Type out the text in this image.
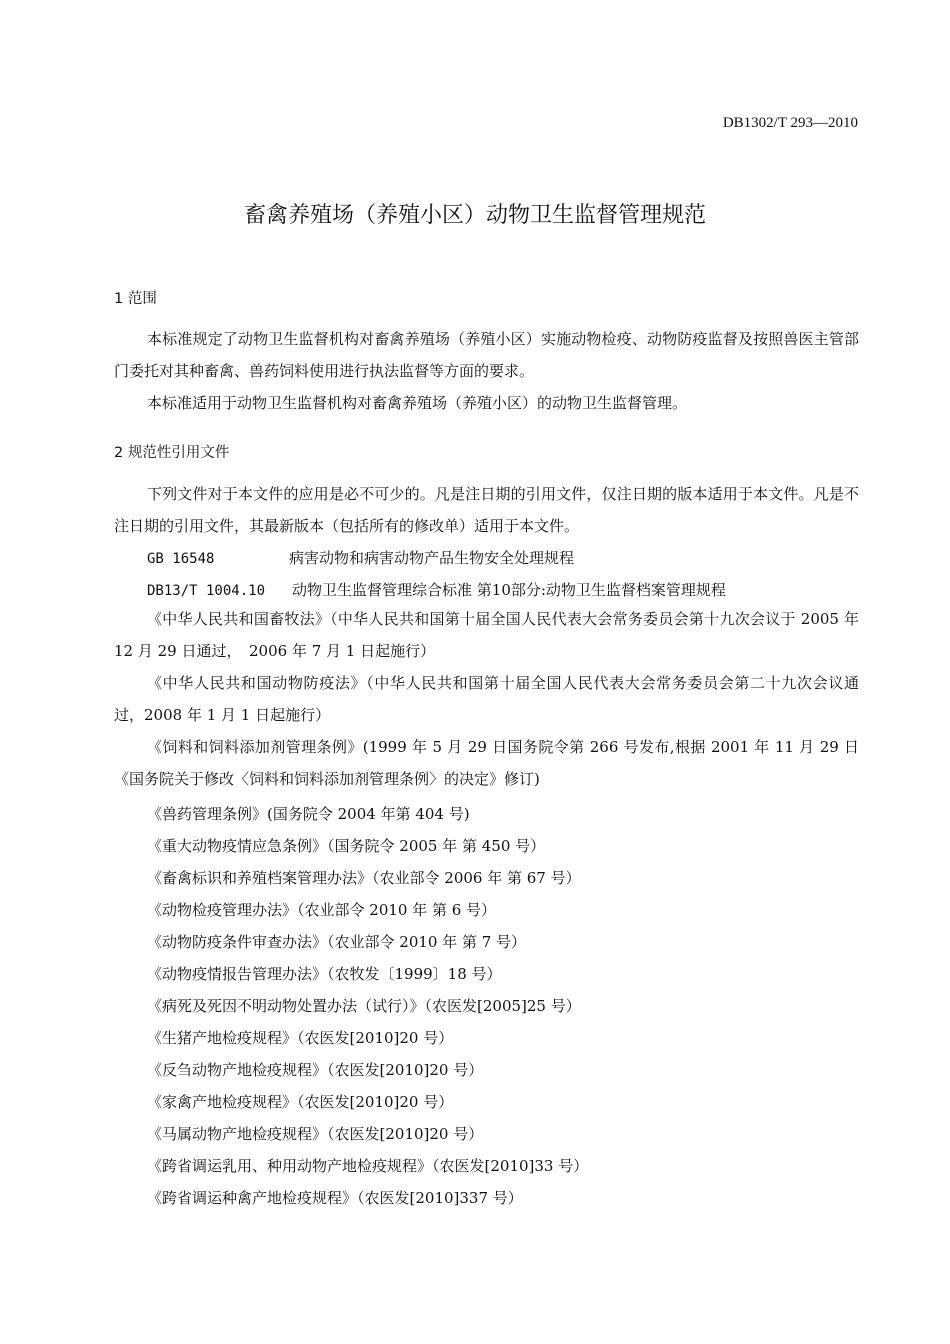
DB1302/T 293—2010
畜禽养殖场（养殖小区）动物卫生监督管理规范
1 范围
本标准规定了动物卫生监督机构对畜禽养殖场（养殖小区）实施动物检疫、动物防疫监督及按照兽医主管部门委托对其种畜禽、兽药饲料使用进行执法监督等方面的要求。
本标准适用于动物卫生监督机构对畜禽养殖场（养殖小区）的动物卫生监督管理。
2 规范性引用文件
下列文件对于本文件的应用是必不可少的。凡是注日期的引用文件，仅注日期的版本适用于本文件。凡是不注日期的引用文件，其最新版本（包括所有的修改单）适用于本文件。
GB 16548	病害动物和病害动物产品生物安全处理规程
DB13/T 1004.10 动物卫生监督管理综合标准 第10部分:动物卫生监督档案管理规程
《中华人民共和国畜牧法》（中华人民共和国第十届全国人民代表大会常务委员会第十九次会议于 2005 年 12 月 29 日通过，　2006 年 7 月 1 日起施行）
《中华人民共和国动物防疫法》（中华人民共和国第十届全国人民代表大会常务委员会第二十九次会议通过，2008 年 1 月 1 日起施行）
《饲料和饲料添加剂管理条例》(1999 年 5 月 29 日国务院令第 266 号发布,根据 2001 年 11 月 29 日《国务院关于修改〈饲料和饲料添加剂管理条例〉的决定》修订)
《兽药管理条例》(国务院令 2004 年第 404 号)
《重大动物疫情应急条例》（国务院令 2005 年 第 450 号）
《畜禽标识和养殖档案管理办法》（农业部令 2006 年 第 67 号）
《动物检疫管理办法》（农业部令 2010 年 第 6 号）
《动物防疫条件审查办法》（农业部令 2010 年 第 7 号）
《动物疫情报告管理办法》（农牧发〔1999〕18 号）
《病死及死因不明动物处置办法（试行）》（农医发[2005]25 号）
《生猪产地检疫规程》（农医发[2010]20 号）
《反刍动物产地检疫规程》（农医发[2010]20 号）
《家禽产地检疫规程》（农医发[2010]20 号）
《马属动物产地检疫规程》（农医发[2010]20 号）
《跨省调运乳用、种用动物产地检疫规程》（农医发[2010]33 号）
《跨省调运种禽产地检疫规程》（农医发[2010]337 号）
